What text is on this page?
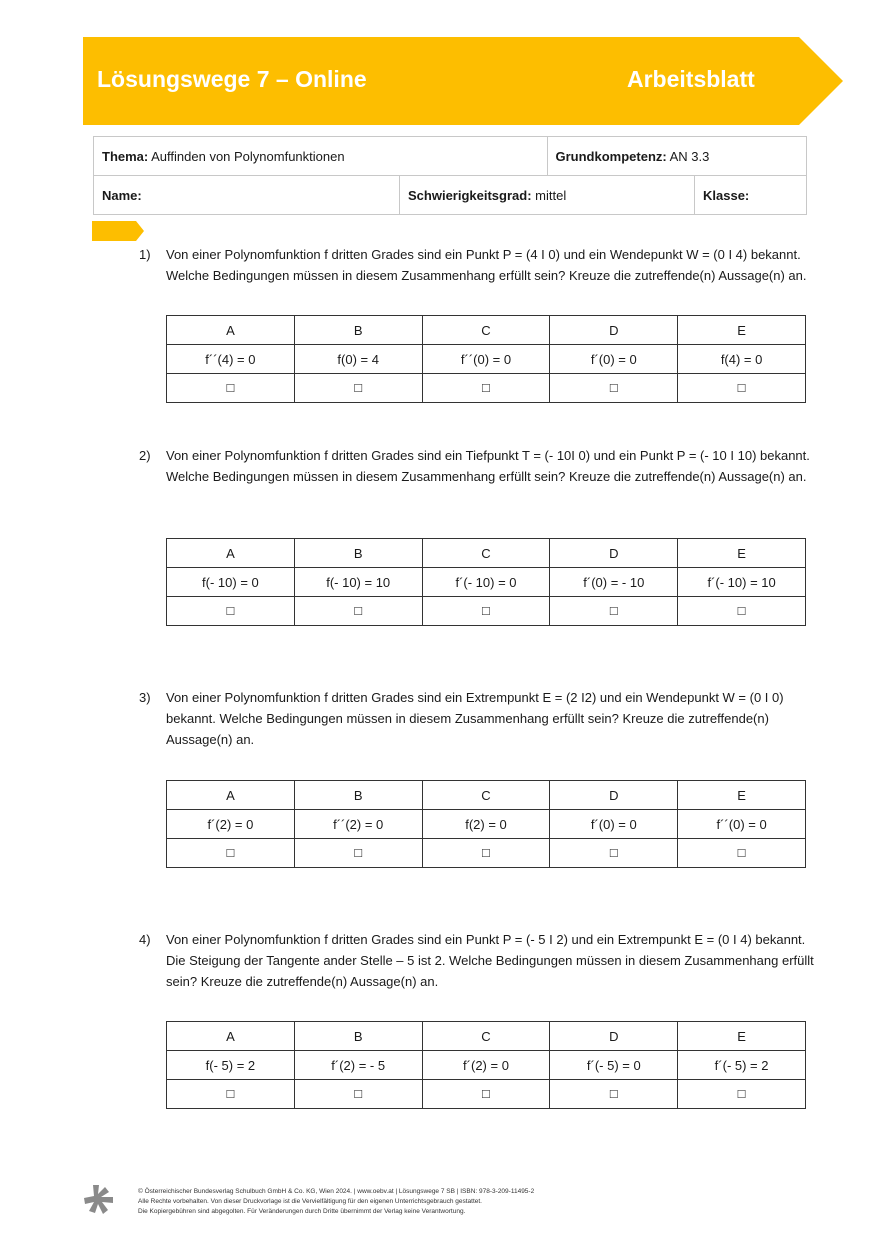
Lösungswege 7 – Online	Arbeitsblatt
Thema: Auffinden von Polynomfunktionen		Grundkompetenz: AN 3.3	
Name:	Schwierigkeitsgrad: mittel		Klasse:
1) Von einer Polynomfunktion f dritten Grades sind ein Punkt P = (4 I 0) und ein Wendepunkt W = (0 I 4) bekannt. Welche Bedingungen müssen in diesem Zusammenhang erfüllt sein? Kreuze die zutreffende(n) Aussage(n) an.
A	B	C	D	E
f´´(4) = 0	f(0) = 4	f´´(0) = 0	f´(0) = 0	f(4) = 0
☐	☐	☐	☐	☐
2) Von einer Polynomfunktion f dritten Grades sind ein Tiefpunkt T = (- 10I 0) und ein Punkt P = (- 10 I 10) bekannt. Welche Bedingungen müssen in diesem Zusammenhang erfüllt sein? Kreuze die zutreffende(n) Aussage(n) an.
A	B	C	D	E
f(- 10) = 0	f(- 10) = 10	f´(- 10) = 0	f´(0) = - 10	f´(- 10) = 10
☐	☐	☐	☐	☐
3) Von einer Polynomfunktion f dritten Grades sind ein Extrempunkt E = (2 I2) und ein Wendepunkt W = (0 I 0) bekannt. Welche Bedingungen müssen in diesem Zusammenhang erfüllt sein? Kreuze die zutreffende(n) Aussage(n) an.
A	B	C	D	E
f´(2) = 0	f´´(2) = 0	f(2) = 0	f´(0) = 0	f´´(0) = 0
☐	☐	☐	☐	☐
4) Von einer Polynomfunktion f dritten Grades sind ein Punkt P = (- 5 I 2) und ein Extrempunkt E = (0 I 4) bekannt. Die Steigung der Tangente ander Stelle – 5 ist 2. Welche Bedingungen müssen in diesem Zusammenhang erfüllt sein? Kreuze die zutreffende(n) Aussage(n) an.
A	B	C	D	E
f(- 5) = 2	f´(2) = - 5	f´(2) = 0	f´(- 5) = 0	f´(- 5) = 2
☐	☐	☐	☐	☐
© Österreichischer Bundesverlag Schulbuch GmbH & Co. KG, Wien 2024. | www.oebv.at | Lösungswege 7 SB | ISBN: 978-3-209-11495-2
Alle Rechte vorbehalten. Von dieser Druckvorlage ist die Vervielfältigung für den eigenen Unterrichtsgebrauch gestattet.
Die Kopiergebühren sind abgegolten. Für Veränderungen durch Dritte übernimmt der Verlag keine Verantwortung.
